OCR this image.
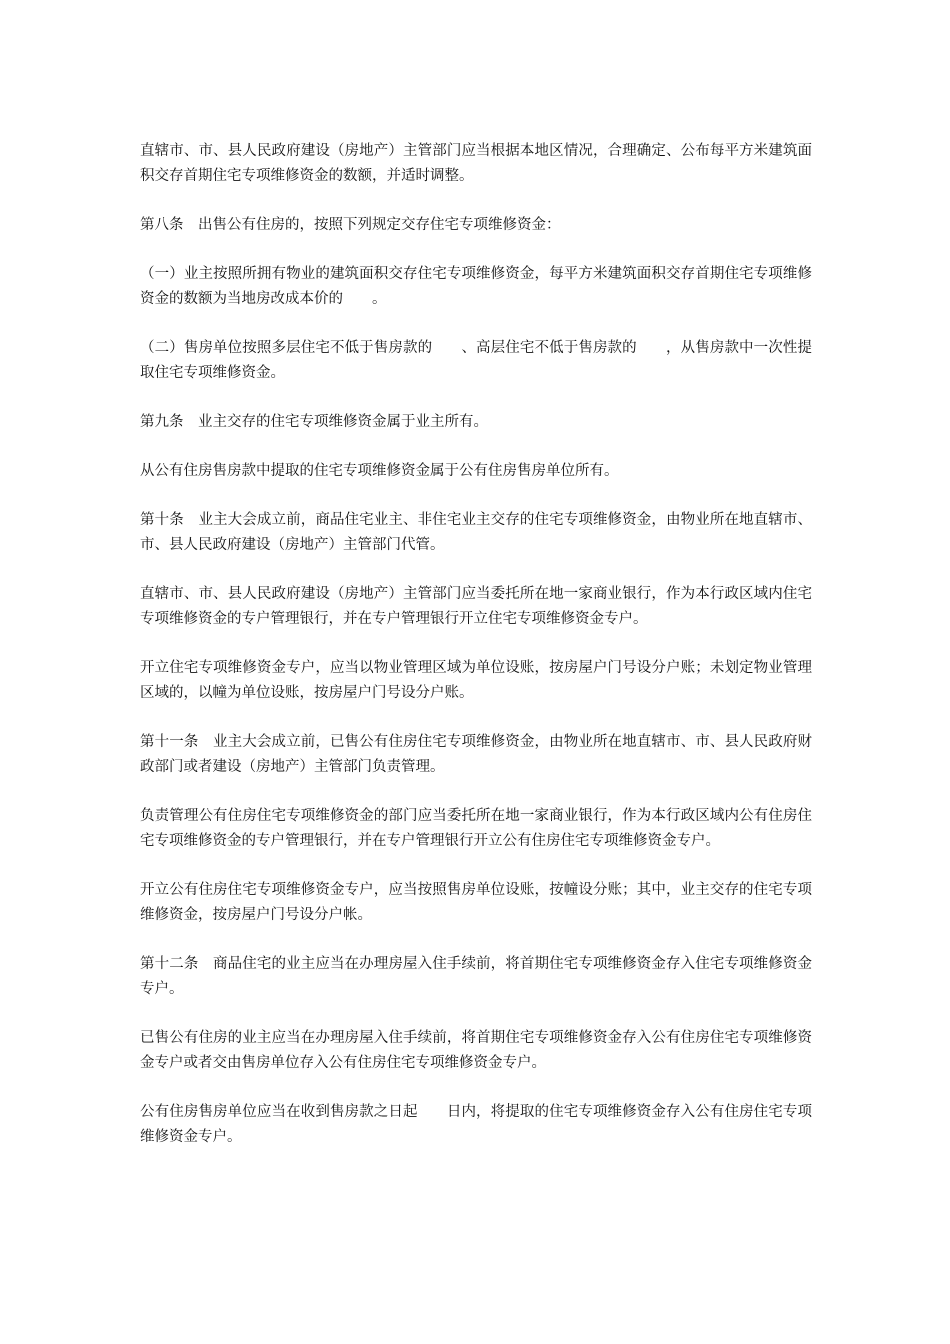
直辖市、市、县人民政府建设（房地产）主管部门应当根据本地区情况，合理确定、公布每平方米建筑面积交存首期住宅专项维修资金的数额，并适时调整。

第八条　出售公有住房的，按照下列规定交存住宅专项维修资金：

（一）业主按照所拥有物业的建筑面积交存住宅专项维修资金，每平方米建筑面积交存首期住宅专项维修资金的数额为当地房改成本价的　　。

（二）售房单位按照多层住宅不低于售房款的　　、高层住宅不低于售房款的　　，从售房款中一次性提取住宅专项维修资金。

第九条　业主交存的住宅专项维修资金属于业主所有。

从公有住房售房款中提取的住宅专项维修资金属于公有住房售房单位所有。

第十条　业主大会成立前，商品住宅业主、非住宅业主交存的住宅专项维修资金，由物业所在地直辖市、市、县人民政府建设（房地产）主管部门代管。

直辖市、市、县人民政府建设（房地产）主管部门应当委托所在地一家商业银行，作为本行政区域内住宅专项维修资金的专户管理银行，并在专户管理银行开立住宅专项维修资金专户。

开立住宅专项维修资金专户，应当以物业管理区域为单位设账，按房屋户门号设分户账；未划定物业管理区域的，以幢为单位设账，按房屋户门号设分户账。

第十一条　业主大会成立前，已售公有住房住宅专项维修资金，由物业所在地直辖市、市、县人民政府财政部门或者建设（房地产）主管部门负责管理。

负责管理公有住房住宅专项维修资金的部门应当委托所在地一家商业银行，作为本行政区域内公有住房住宅专项维修资金的专户管理银行，并在专户管理银行开立公有住房住宅专项维修资金专户。

开立公有住房住宅专项维修资金专户，应当按照售房单位设账，按幢设分账；其中，业主交存的住宅专项维修资金，按房屋户门号设分户帐。

第十二条　商品住宅的业主应当在办理房屋入住手续前，将首期住宅专项维修资金存入住宅专项维修资金专户。

已售公有住房的业主应当在办理房屋入住手续前，将首期住宅专项维修资金存入公有住房住宅专项维修资金专户或者交由售房单位存入公有住房住宅专项维修资金专户。

公有住房售房单位应当在收到售房款之日起　　日内，将提取的住宅专项维修资金存入公有住房住宅专项维修资金专户。
